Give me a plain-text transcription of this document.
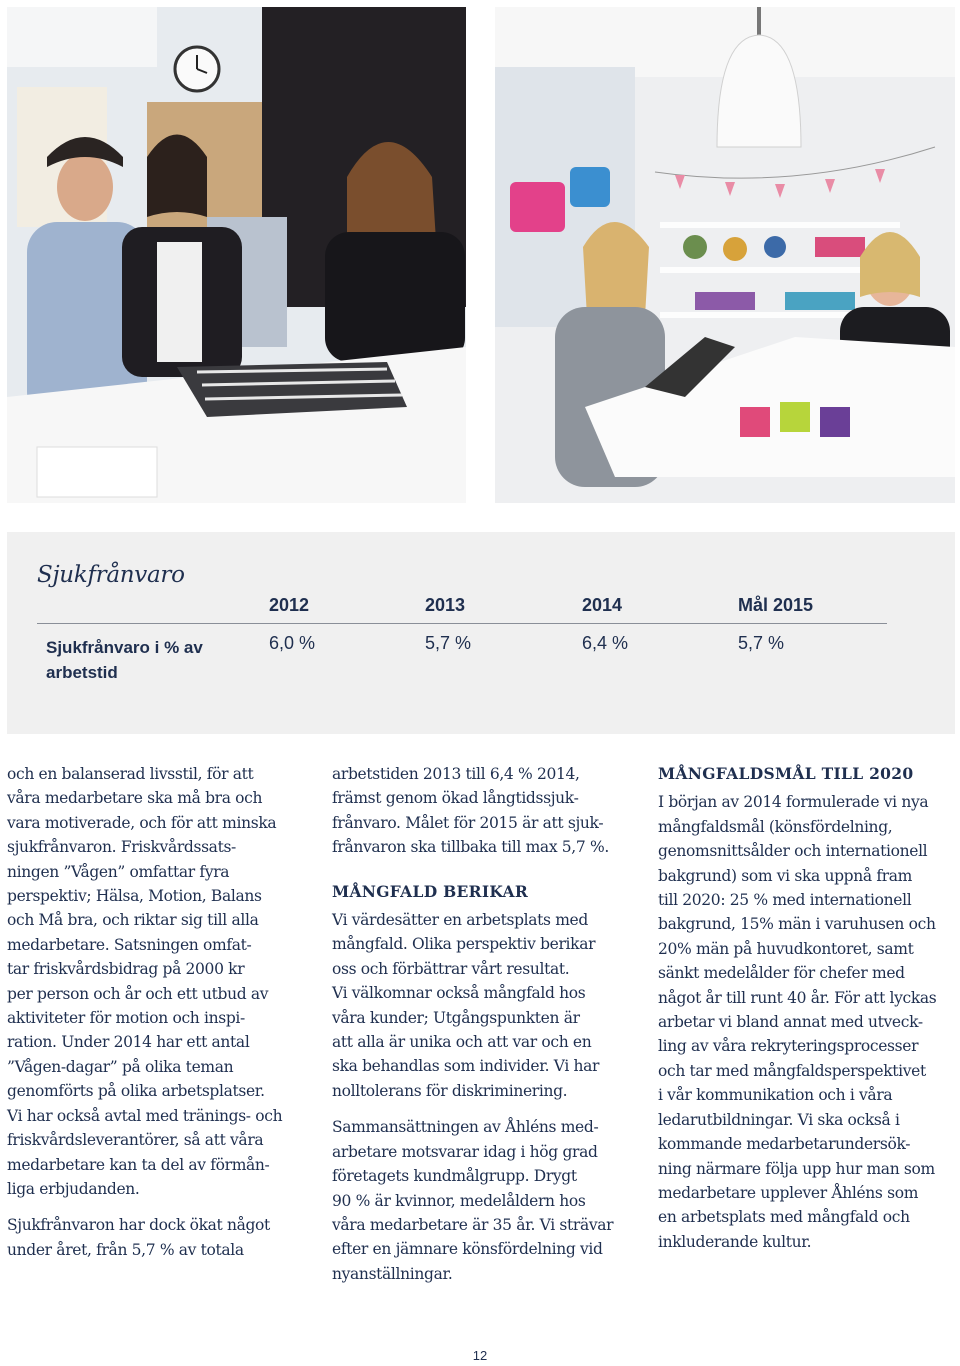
Sjukfrånvaro
2012	2013	2014	Mål 2015
Sjukfrånvaro i % av arbetstid
6,0 %	5,7 %	6,4 %	5,7 %

och en balanserad livsstil, för att
våra medarbetare ska må bra och
vara motiverade, och för att minska
sjukfrånvaron. Friskvårdssats-
ningen ”Vågen” omfattar fyra
perspektiv; Hälsa, Motion, Balans
och Må bra, och riktar sig till alla
medarbetare. Satsningen omfat-
tar friskvårdsbidrag på 2000 kr
per person och år och ett utbud av
aktiviteter för motion och inspi-
ration. Under 2014 har ett antal
”Vågen-dagar” på olika teman
genomförts på olika arbetsplatser.
Vi har också avtal med tränings- och
friskvårdsleverantörer, så att våra
medarbetare kan ta del av förmån-
liga erbjudanden.

Sjukfrånvaron har dock ökat något
under året, från 5,7 % av totala

arbetstiden 2013 till 6,4 % 2014,
främst genom ökad långtidssjuk-
frånvaro. Målet för 2015 är att sjuk-
frånvaron ska tillbaka till max 5,7 %.

MÅNGFALD BERIKAR

Vi värdesätter en arbetsplats med
mångfald. Olika perspektiv berikar
oss och förbättrar vårt resultat.
Vi välkomnar också mångfald hos
våra kunder; Utgångspunkten är
att alla är unika och att var och en
ska behandlas som individer. Vi har
nolltolerans för diskriminering.

Sammansättningen av Åhléns med-
arbetare motsvarar idag i hög grad
företagets kundmålgrupp. Drygt
90 % är kvinnor, medelåldern hos
våra medarbetare är 35 år. Vi strävar
efter en jämnare könsfördelning vid
nyanställningar.

MÅNGFALDSMÅL TILL 2020

I början av 2014 formulerade vi nya
mångfaldsmål (könsfördelning,
genomsnittsålder och internationell
bakgrund) som vi ska uppnå fram
till 2020: 25 % med internationell
bakgrund, 15% män i varuhusen och
20% män på huvudkontoret, samt
sänkt medelålder för chefer med
något år till runt 40 år. För att lyckas
arbetar vi bland annat med utveck-
ling av våra rekryteringsprocesser
och tar med mångfaldsperspektivet
i vår kommunikation och i våra
ledarutbildningar. Vi ska också i
kommande medarbetarundersök-
ning närmare följa upp hur man som
medarbetare upplever Åhléns som
en arbetsplats med mångfald och
inkluderande kultur.

12
